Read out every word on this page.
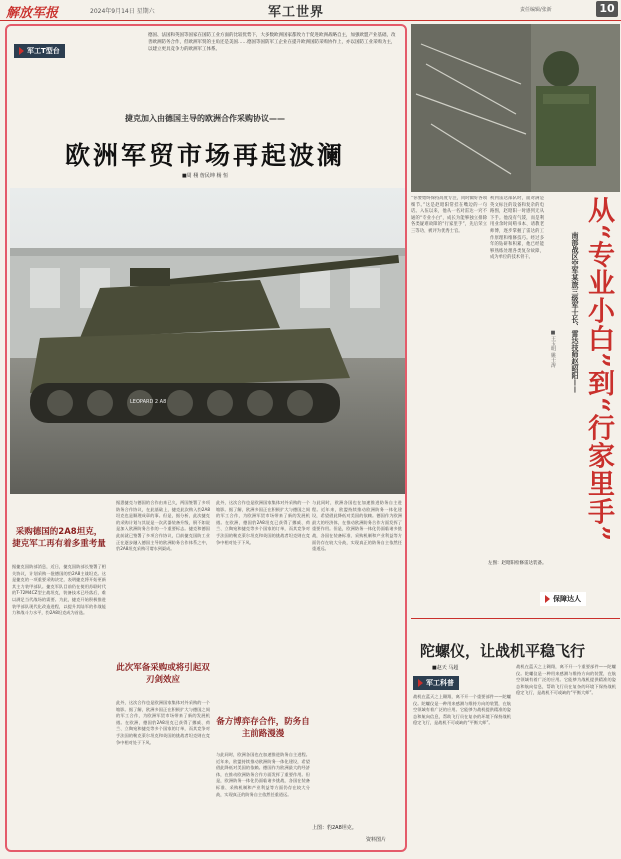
解放军报	2024年9月14日 星期六	军工世界	责任编辑/张新	10
军工T型台
德国、法国和英国等国家在国防工业方面的比较优势下，大多数欧洲国家都致力于促进欧洲战略自主，加强欧盟产业基础，改善欧洲防务合作，但欧洲军贸的主角还是美国……德国等国防军工企业在提升欧洲国防采购协作上，亦以国防工业采购为主，以建立更具竞争力的欧洲军工体系。
捷克加入由德国主导的欧洲合作采购协议——
欧洲军贸市场再起波澜
■周 栩 詹民坤 杨 恒
LEOPARD 2 A8
采购德国的2A8坦克，捷克军工再有着多重考量
此次军备采购或将引起双刃剑效应
备方博弈存合作，防务自主前路漫漫
据捷克国防部消息，近日，捷克国防部长签署了相关协议，计划采购一批德国的豹2A8主战坦克。这是捷克的一项重要采购决定，表明捷克将开始更新其主力装甲部队。捷克军队目前仍在使用苏联时代的T-72M4CZ型主战坦克，装备技术已经落后，难以满足当代战场的需要。为此，捷克开始积极推进装甲部队现代化改造进程，以提升其陆军的作战能力和战斗力水平，豹2A8坦克成为首选。
据悉捷克与德国的合作由来已久，两国签署了多项防务合作协议，在此基础上，捷克此次购入豹2A8坦克也是顺理成章的事。但是，据分析，此次捷克的采购计划与其说是一次武器装备升级，倒不如说是加入欧洲防务合作的一个重要标志。捷克和德国此前就已签署了多项合作协议，目前捷克国防工业正在逐步融入德国主导的欧洲防务合作体系之中，豹2A8坦克采购可谓水到渠成。
此外，这次合作也是欧洲国家集体对外采购的一个缩影。据了解，欧洲多国正在积极扩大与德国之间的军工合作，为欧洲军贸市场带来了新的发展机遇。在欧洲，德国豹2A8坦克已获得了挪威、荷兰、立陶宛和捷克等多个国家的订单，而其竞争对手法国的勒克莱尔坦克和英国的挑战者坦克则在竞争中相对处于下风。
此外，这次合作也是欧洲国家集体对外采购的一个缩影。据了解，欧洲多国正在积极扩大与德国之间的军工合作，为欧洲军贸市场带来了新的发展机遇。在欧洲，德国豹2A8坦克已获得了挪威、荷兰、立陶宛和捷克等多个国家的订单，而其竞争对手法国的勒克莱尔坦克和英国的挑战者坦克则在竞争中相对处于下风。
与此同时，欧洲各国也在加速推进防务自主进程。近年来，欧盟持续推动欧洲防务一体化建设，希望借此降低对美国的依赖。德国作为欧洲最大的经济体，在推动欧洲防务合作方面发挥了重要作用。但是，欧洲防务一体化仍面临诸多挑战，各国在装备标准、采购机制和产业利益等方面仍存在较大分歧，实现真正的防务自主依然任重道远。
与此同时，欧洲各国也在加速推进防务自主进程。近年来，欧盟持续推动欧洲防务一体化建设，希望借此降低对美国的依赖。德国作为欧洲最大的经济体，在推动欧洲防务合作方面发挥了重要作用。但是，欧洲防务一体化仍面临诸多挑战，各国在装备标准、采购机制和产业利益等方面仍存在较大分歧，实现真正的防务自主依然任重道远。
上图：豹2A8坦克。
资料图片
“你要始终保持高度专注，同时做好各项细节。”这是赵昭阳常挂在嘴边的一句话。入伍以来，他从一名对雷达一窍不通的“专业小白”，成长为能够独立排除各类疑难故障的“行家里手”，先后荣立三等功、被评为优秀士官。
初到雷达部队时，面对满是英文标注的设备和复杂的电路图，赵昭阳一时感到无从下手。他没有气馁，而是利用业余时间啃书本、请教老师傅，逐步掌握了雷达的工作原理和维修技巧。经过多年的钻研和积累，他已经能够熟练处理各类复杂故障，成为单位的技术骨干。	从“专业小白”到“行家里手”
南部战区空军某旅三级军士长、雷达技师赵昭阳——
■王玉明 姚士涛
左图：赵昭阳检修雷达装备。
保障达人
陀螺仪，让战机平稳飞行
■赵天 马超
军工科普
战机在蓝天之上翱翔，离不开一个重要部件——陀螺仪。陀螺仪是一种用来感测与维持方向的装置，在航空领域有着广泛的应用。它能够为战机提供精准的姿态和航向信息，帮助飞行员在复杂的环境下保持战机稳定飞行，是战机不可或缺的“平衡大师”。
战机在蓝天之上翱翔，离不开一个重要部件——陀螺仪。陀螺仪是一种用来感测与维持方向的装置，在航空领域有着广泛的应用。它能够为战机提供精准的姿态和航向信息，帮助飞行员在复杂的环境下保持战机稳定飞行，是战机不可或缺的“平衡大师”。
